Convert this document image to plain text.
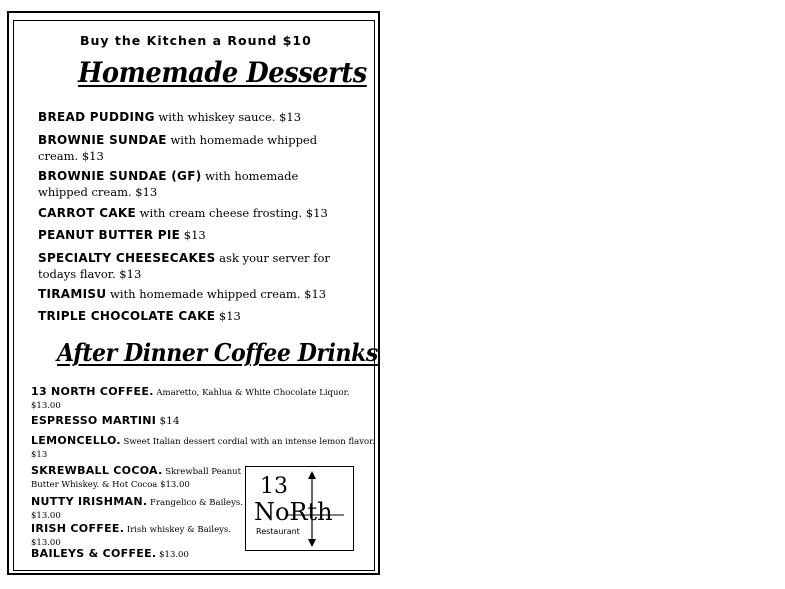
Buy the Kitchen a Round $10
Homemade Desserts
BREAD PUDDING with whiskey sauce. $13
BROWNIE SUNDAE with homemade whipped
cream. $13
BROWNIE SUNDAE (GF) with homemade
whipped cream. $13
CARROT CAKE with cream cheese frosting. $13
PEANUT BUTTER PIE $13
SPECIALTY CHEESECAKES ask your server for
todays flavor. $13
TIRAMISU with homemade whipped cream. $13
TRIPLE CHOCOLATE CAKE $13
After Dinner Coffee Drinks
13 NORTH COFFEE. Amaretto, Kahlua & White Chocolate Liquor.
$13.00
ESPRESSO MARTINI $14
LEMONCELLO. Sweet Italian dessert cordial with an intense lemon flavor.
$13
SKREWBALL COCOA. Skrewball Peanut
Butter Whiskey. & Hot Cocoa $13.00
NUTTY IRISHMAN. Frangelico & Baileys.
$13.00
IRISH COFFEE. Irish whiskey & Baileys.
$13.00
BAILEYS & COFFEE. $13.00
13
NoRth
Restaurant
